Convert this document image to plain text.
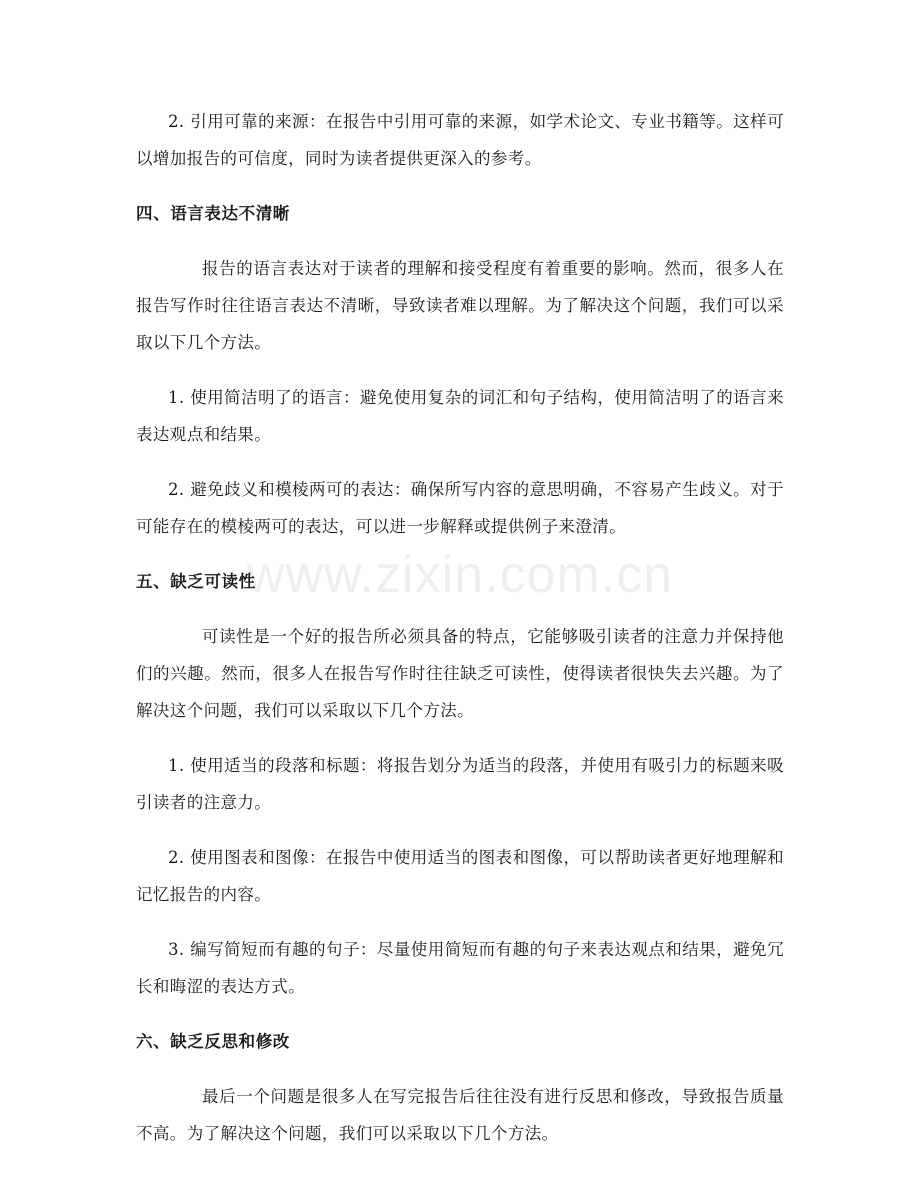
www.zixin.com.cn

2. 引用可靠的来源：在报告中引用可靠的来源，如学术论文、专业书籍等。这样可以增加报告的可信度，同时为读者提供更深入的参考。

四、语言表达不清晰

报告的语言表达对于读者的理解和接受程度有着重要的影响。然而，很多人在报告写作时往往语言表达不清晰，导致读者难以理解。为了解决这个问题，我们可以采取以下几个方法。

1. 使用简洁明了的语言：避免使用复杂的词汇和句子结构，使用简洁明了的语言来表达观点和结果。

2. 避免歧义和模棱两可的表达：确保所写内容的意思明确，不容易产生歧义。对于可能存在的模棱两可的表达，可以进一步解释或提供例子来澄清。

五、缺乏可读性

可读性是一个好的报告所必须具备的特点，它能够吸引读者的注意力并保持他们的兴趣。然而，很多人在报告写作时往往缺乏可读性，使得读者很快失去兴趣。为了解决这个问题，我们可以采取以下几个方法。

1. 使用适当的段落和标题：将报告划分为适当的段落，并使用有吸引力的标题来吸引读者的注意力。

2. 使用图表和图像：在报告中使用适当的图表和图像，可以帮助读者更好地理解和记忆报告的内容。

3. 编写简短而有趣的句子：尽量使用简短而有趣的句子来表达观点和结果，避免冗长和晦涩的表达方式。

六、缺乏反思和修改

最后一个问题是很多人在写完报告后往往没有进行反思和修改，导致报告质量不高。为了解决这个问题，我们可以采取以下几个方法。
